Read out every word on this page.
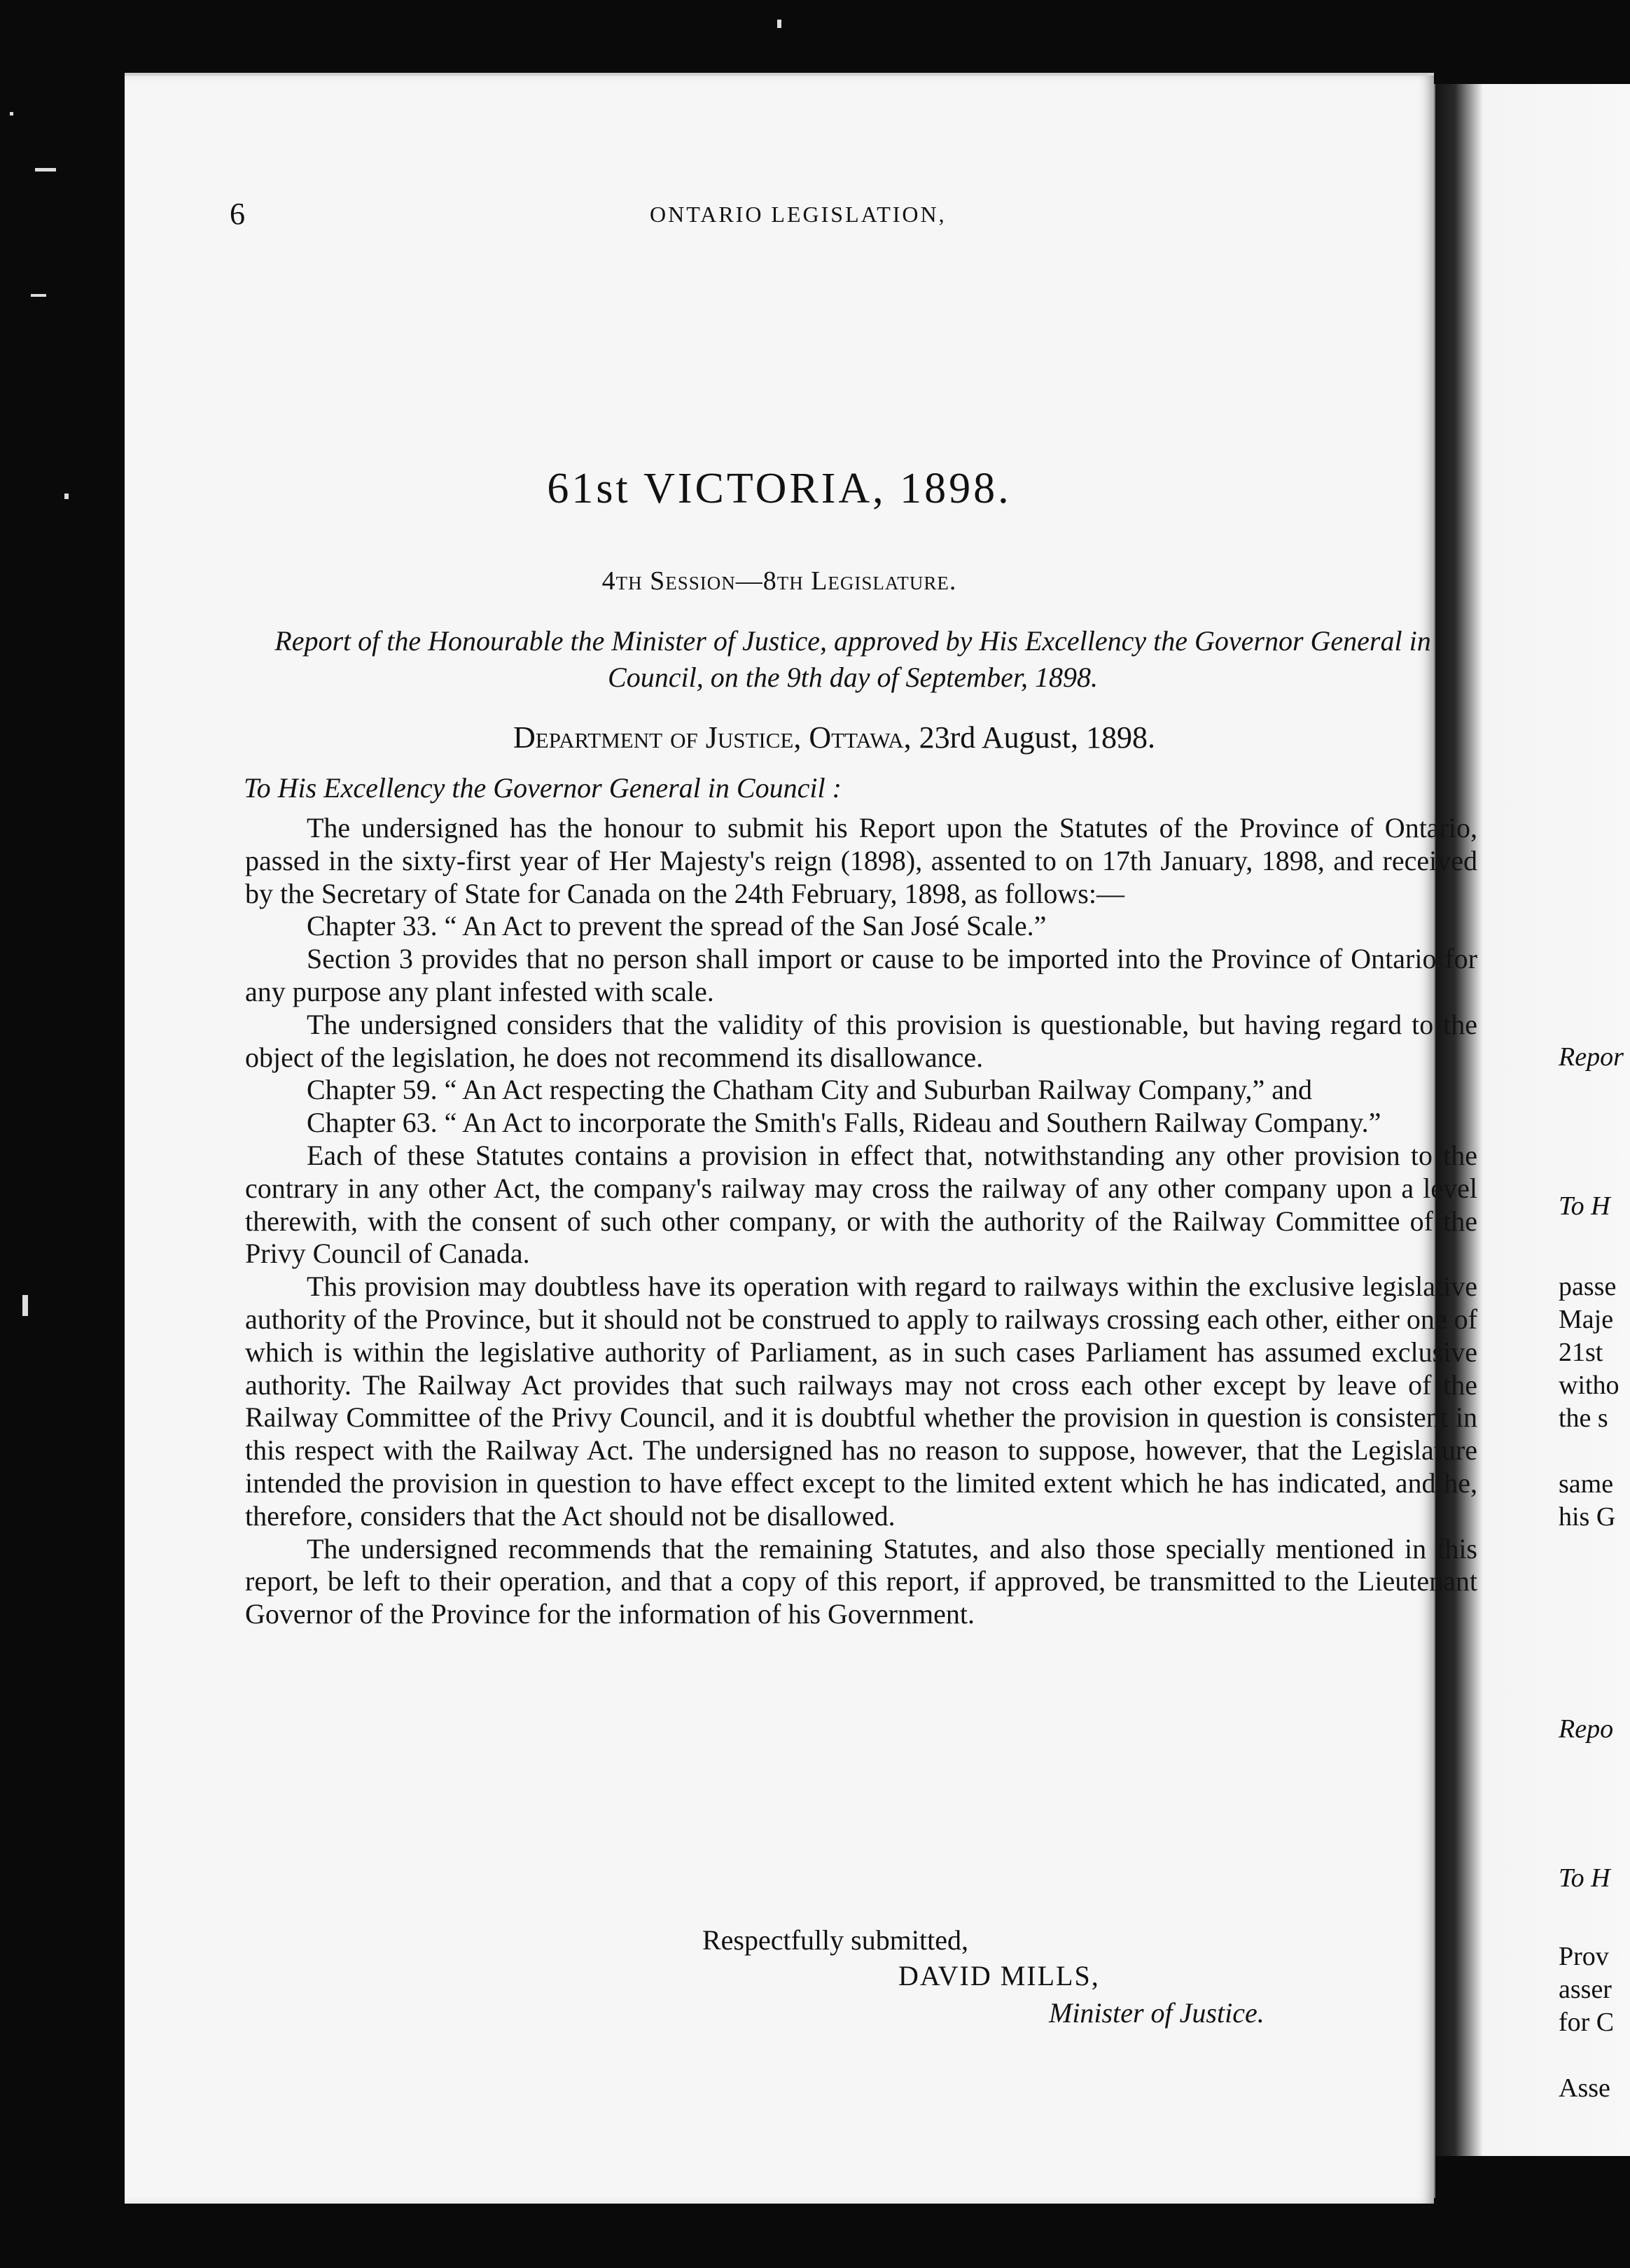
Repor
To H
passe
Maje
21st
witho
the s
same
his G
Repo
To H
Prov
asser
for C
Asse
6	ONTARIO LEGISLATION,
61st VICTORIA, 1898.
4th Session—8th Legislature.
Report of the Honourable the Minister of Justice, approved by His Excellency the Governor General in Council, on the 9th day of September, 1898.
Department of Justice, Ottawa, 23rd August, 1898.
To His Excellency the Governor General in Council :

The undersigned has the honour to submit his Report upon the Statutes of the Province of Ontario, passed in the sixty-first year of Her Majesty's reign (1898), assented to on 17th January, 1898, and received by the Secretary of State for Canada on the 24th February, 1898, as follows:—

Chapter 33. “ An Act to prevent the spread of the San José Scale.”

Section 3 provides that no person shall import or cause to be imported into the Province of Ontario for any purpose any plant infested with scale.

The undersigned considers that the validity of this provision is questionable, but having regard to the object of the legislation, he does not recommend its disallowance.

Chapter 59. “ An Act respecting the Chatham City and Suburban Railway Company,” and

Chapter 63. “ An Act to incorporate the Smith's Falls, Rideau and Southern Railway Company.”

Each of these Statutes contains a provision in effect that, notwithstanding any other provision to the contrary in any other Act, the company's railway may cross the railway of any other company upon a level therewith, with the consent of such other company, or with the authority of the Railway Committee of the Privy Council of Canada.

This provision may doubtless have its operation with regard to railways within the exclusive legislative authority of the Province, but it should not be construed to apply to railways crossing each other, either one of which is within the legislative authority of Parliament, as in such cases Parliament has assumed exclusive authority. The Railway Act provides that such railways may not cross each other except by leave of the Railway Committee of the Privy Council, and it is doubtful whether the provision in question is consistent in this respect with the Railway Act. The undersigned has no reason to suppose, however, that the Legislature intended the provision in question to have effect except to the limited extent which he has indicated, and he, therefore, considers that the Act should not be disallowed.

The undersigned recommends that the remaining Statutes, and also those specially mentioned in this report, be left to their operation, and that a copy of this report, if approved, be transmitted to the Lieutenant Governor of the Province for the information of his Government.

Respectfully submitted,
DAVID MILLS,
Minister of Justice.
